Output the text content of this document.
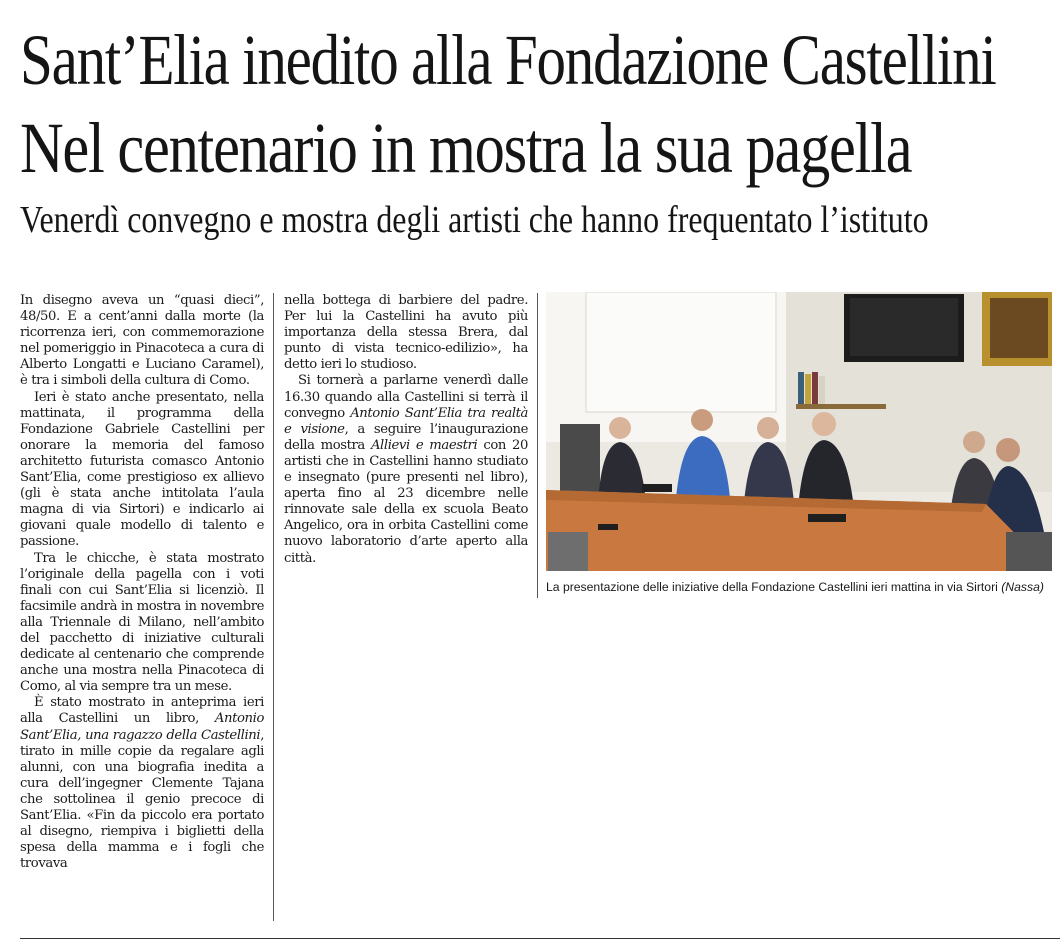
Sant’Elia inedito alla Fondazione Castellini
Nel centenario in mostra la sua pagella
Venerdì convegno e mostra degli artisti che hanno frequentato l’istituto

In disegno aveva un “quasi dieci”, 48/50. E a cent’anni dalla morte (la ricorrenza ieri, con commemorazione nel pomeriggio in Pinacoteca a cura di Alberto Longatti e Luciano Caramel), è tra i simboli della cultura di Como.

Ieri è stato anche presentato, nella mattinata, il programma della Fondazione Gabriele Castellini per onorare la memoria del famoso architetto futurista comasco Antonio Sant’Elia, come prestigioso ex allievo (gli è stata anche intitolata l’aula magna di via Sirtori) e indicarlo ai giovani quale modello di talento e passione.

Tra le chicche, è stata mostrato l’originale della pagella con i voti finali con cui Sant’Elia si licenziò. Il facsimile andrà in mostra in novembre alla Triennale di Milano, nell’ambito del pacchetto di iniziative culturali dedicate al centenario che comprende anche una mostra nella Pinacoteca di Como, al via sempre tra un mese.

È stato mostrato in anteprima ieri alla Castellini un libro, Antonio Sant’Elia, una ragazzo della Castellini, tirato in mille copie da regalare agli alunni, con una biografia inedita a cura dell’ingegner Clemente Tajana che sottolinea il genio precoce di Sant’Elia. «Fin da piccolo era portato al disegno, riempiva i biglietti della spesa della mamma e i fogli che trovava

nella bottega di barbiere del padre. Per lui la Castellini ha avuto più importanza della stessa Brera, dal punto di vista tecnico-edilizio», ha detto ieri lo studioso.

Si tornerà a parlarne venerdì dalle 16.30 quando alla Castellini si terrà il convegno Antonio Sant’Elia tra realtà e visione, a seguire l’inaugurazione della mostra Allievi e maestri con 20 artisti che in Castellini hanno studiato e insegnato (pure presenti nel libro), aperta fino al 23 dicembre nelle rinnovate sale della ex scuola Beato Angelico, ora in orbita Castellini come nuovo laboratorio d’arte aperto alla città.

La presentazione delle iniziative della Fondazione Castellini ieri mattina in via Sirtori (Nassa)
